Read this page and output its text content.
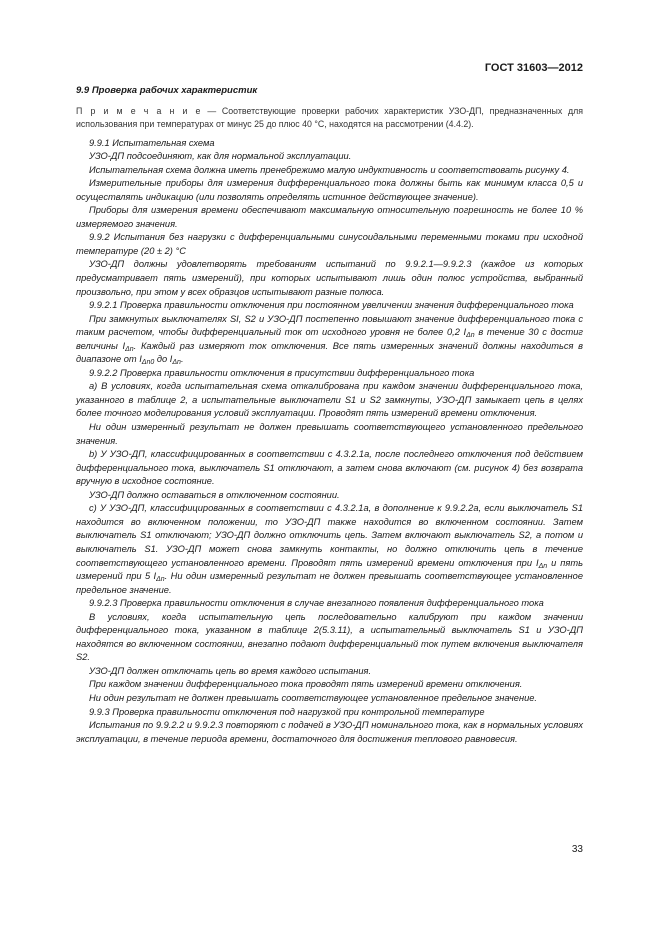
ГОСТ 31603—2012
9.9 Проверка рабочих характеристик

П р и м е ч а н и е — Соответствующие проверки рабочих характеристик УЗО-ДП, предназначенных для использования при температурах от минус 25 до плюс 40 °С, находятся на рассмотрении (4.4.2).

9.9.1 Испытательная схема

УЗО-ДП подсоединяют, как для нормальной эксплуатации.

Испытательная схема должна иметь пренебрежимо малую индуктивность и соответствовать рисунку 4.

Измерительные приборы для измерения дифференциального тока должны быть как минимум класса 0,5 и осуществлять индикацию (или позволять определять истинное действующее значение).

Приборы для измерения времени обеспечивают максимальную относительную погрешность не более 10 % измеряемого значения.

9.9.2 Испытания без нагрузки с дифференциальными синусоидальными переменными токами при исходной температуре (20 ± 2) °С

УЗО-ДП должны удовлетворять требованиям испытаний по 9.9.2.1—9.9.2.3 (каждое из которых предусматривает пять измерений), при которых испытывают лишь один полюс устройства, выбранный произвольно, при этом у всех образцов испытывают разные полюса.

9.9.2.1 Проверка правильности отключения при постоянном увеличении значения дифференциального тока

При замкнутых выключателях SI, S2 и УЗО-ДП постепенно повышают значение дифференциального тока с таким расчетом, чтобы дифференциальный ток от исходного уровня не более 0,2 $I_{\Delta n}$ в течение 30 с достиг величины $I_{\Delta n}$. Каждый раз измеряют ток отключения. Все пять измеренных значений должны находиться в диапазоне от $I_{\Delta n0}$ до $I_{\Delta n}$.

9.9.2.2 Проверка правильности отключения в присутствии дифференциального тока

а) В условиях, когда испытательная схема откалибрована при каждом значении дифференциального тока, указанного в таблице 2, а испытательные выключатели S1 и S2 замкнуты, УЗО-ДП замыкает цепь в целях более точного моделирования условий эксплуатации. Проводят пять измерений времени отключения.

Ни один измеренный результат не должен превышать соответствующего установленного предельного значения.

b) У УЗО-ДП, классифицированных в соответствии с 4.3.2.1а, после последнего отключения под действием дифференциального тока, выключатель S1 отключают, а затем снова включают (см. рисунок 4) без возврата вручную в исходное состояние.

УЗО-ДП должно оставаться в отключенном состоянии.

с) У УЗО-ДП, классифицированных в соответствии с 4.3.2.1а, в дополнение к 9.9.2.2а, если выключатель S1 находится во включенном положении, то УЗО-ДП также находится во включенном состоянии. Затем выключатель S1 отключают; УЗО-ДП должно отключить цепь. Затем включают выключатель S2, а потом и выключатель S1. УЗО-ДП может снова замкнуть контакты, но должно отключить цепь в течение соответствующего установленного времени. Проводят пять измерений времени отключения при $I_{\Delta n}$ и пять измерений при 5 $I_{\Delta n}$. Ни один измеренный результат не должен превышать соответствующее установленное предельное значение.

9.9.2.3 Проверка правильности отключения в случае внезапного появления дифференциального тока

В условиях, когда испытательную цепь последовательно калибруют при каждом значении дифференциального тока, указанном в таблице 2(5.3.11), а испытательный выключатель S1 и УЗО-ДП находятся во включенном состоянии, внезапно подают дифференциальный ток путем включения выключателя S2.

УЗО-ДП должен отключать цепь во время каждого испытания.

При каждом значении дифференциального тока проводят пять измерений времени отключения.

Ни один результат не должен превышать соответствующее установленное предельное значение.

9.9.3 Проверка правильности отключения под нагрузкой при контрольной температуре

Испытания по 9.9.2.2 и 9.9.2.3 повторяют с подачей в УЗО-ДП номинального тока, как в нормальных условиях эксплуатации, в течение периода времени, достаточного для достижения теплового равновесия.

33
